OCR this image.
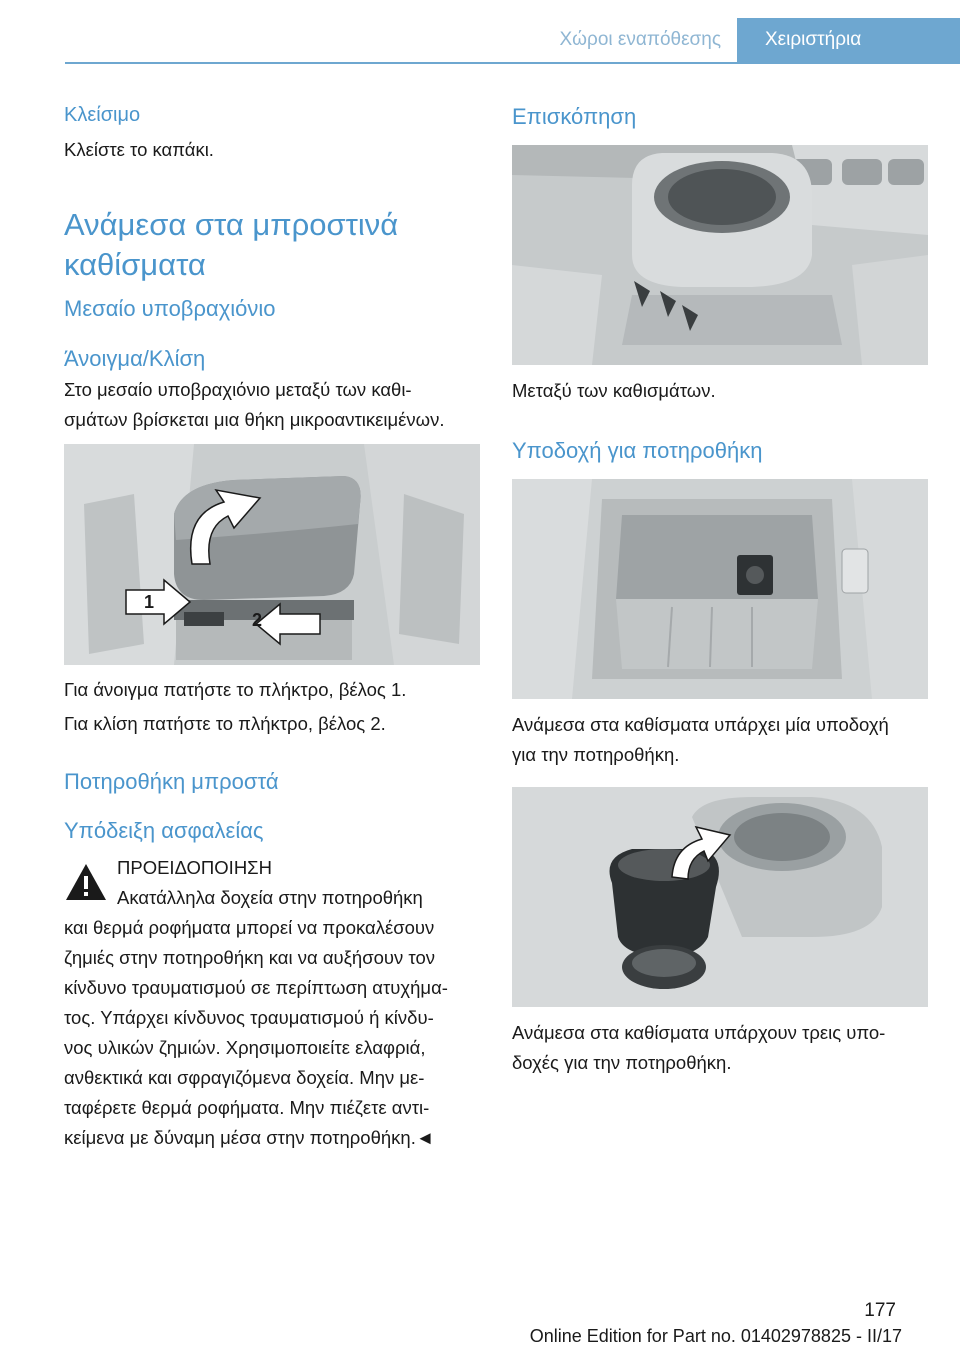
Χώροι εναπόθεσης Χειριστήρια

Κλείσιμο

Κλείστε το καπάκι.

Ανάμεσα στα μπροστινά

καθίσματα

Μεσαίο υποβραχιόνιο

Άνοιγμα/Κλίση

Στο μεσαίο υποβραχιόνιο μεταξύ των καθι-

σμάτων βρίσκεται μια θήκη μικροαντικειμένων.

1
2

Για άνοιγμα πατήστε το πλήκτρο, βέλος 1.

Για κλίση πατήστε το πλήκτρο, βέλος 2.

Ποτηροθήκη μπροστά

Υπόδειξη ασφαλείας

ΠΡΟΕΙΔΟΠΟΙΗΣΗ

Ακατάλληλα δοχεία στην ποτηροθήκη

και θερμά ροφήματα μπορεί να προκαλέσουν

ζημιές στην ποτηροθήκη και να αυξήσουν τον

κίνδυνο τραυματισμού σε περίπτωση ατυχήμα-

τος. Υπάρχει κίνδυνος τραυματισμού ή κίνδυ-

νος υλικών ζημιών. Χρησιμοποιείτε ελαφριά,

ανθεκτικά και σφραγιζόμενα δοχεία. Μην με-

ταφέρετε θερμά ροφήματα. Μην πιέζετε αντι-

κείμενα με δύναμη μέσα στην ποτηροθήκη.◄

Επισκόπηση

Μεταξύ των καθισμάτων.

Υποδοχή για ποτηροθήκη

Ανάμεσα στα καθίσματα υπάρχει μία υποδοχή

για την ποτηροθήκη.

Ανάμεσα στα καθίσματα υπάρχουν τρεις υπο-

δοχές για την ποτηροθήκη.

177
Online Edition for Part no. 01402978825 - II/17
